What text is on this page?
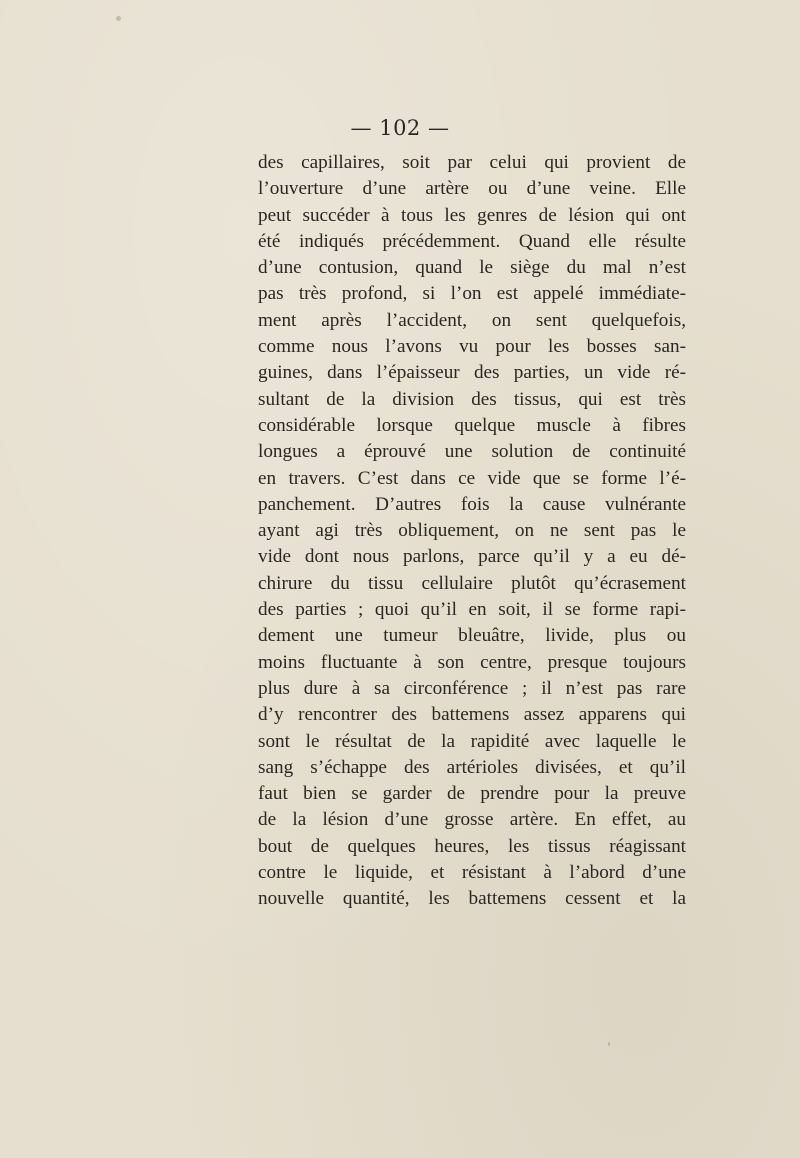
— 102 —
des capillaires, soit par celui qui provient de
l’ouverture d’une artère ou d’une veine. Elle
peut succéder à tous les genres de lésion qui ont
été indiqués précédemment. Quand elle résulte
d’une contusion, quand le siège du mal n’est
pas très profond, si l’on est appelé immédiate-
ment après l’accident, on sent quelquefois,
comme nous l’avons vu pour les bosses san-
guines, dans l’épaisseur des parties, un vide ré-
sultant de la division des tissus, qui est très
considérable lorsque quelque muscle à fibres
longues a éprouvé une solution de continuité
en travers. C’est dans ce vide que se forme l’é-
panchement. D’autres fois la cause vulnérante
ayant agi très obliquement, on ne sent pas le
vide dont nous parlons, parce qu’il y a eu dé-
chirure du tissu cellulaire plutôt qu’écrasement
des parties ; quoi qu’il en soit, il se forme rapi-
dement une tumeur bleuâtre, livide, plus ou
moins fluctuante à son centre, presque toujours
plus dure à sa circonférence ; il n’est pas rare
d’y rencontrer des battemens assez apparens qui
sont le résultat de la rapidité avec laquelle le
sang s’échappe des artérioles divisées, et qu’il
faut bien se garder de prendre pour la preuve
de la lésion d’une grosse artère. En effet, au
bout de quelques heures, les tissus réagissant
contre le liquide, et résistant à l’abord d’une
nouvelle quantité, les battemens cessent et la
